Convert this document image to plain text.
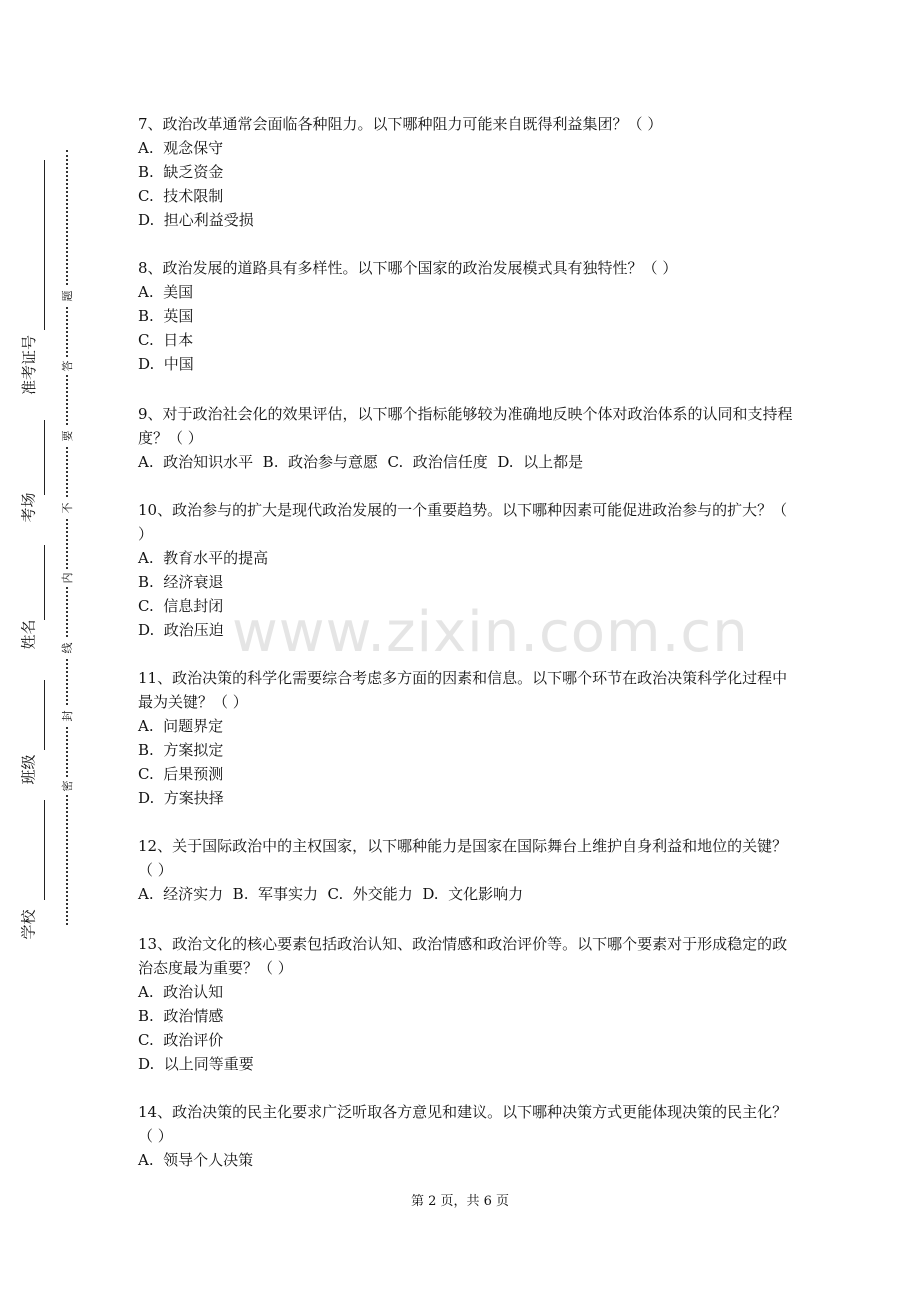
准考证号
考场
姓名
班级
学校
题
答
要
不
内
线
封
密

7、政治改革通常会面临各种阻力。以下哪种阻力可能来自既得利益集团？（ ）

A.  观念保守

B.  缺乏资金

C.  技术限制

D.  担心利益受损

8、政治发展的道路具有多样性。以下哪个国家的政治发展模式具有独特性？（ ）

A.  美国

B.  英国

C.  日本

D.  中国

9、对于政治社会化的效果评估，以下哪个指标能够较为准确地反映个体对政治体系的认同和支持程度？（ ）

A.  政治知识水平  B.  政治参与意愿  C.  政治信任度  D.  以上都是

10、政治参与的扩大是现代政治发展的一个重要趋势。以下哪种因素可能促进政治参与的扩大？（ ）

A.  教育水平的提高

B.  经济衰退

C.  信息封闭

D.  政治压迫

11、政治决策的科学化需要综合考虑多方面的因素和信息。以下哪个环节在政治决策科学化过程中最为关键？（ ）

A.  问题界定

B.  方案拟定

C.  后果预测

D.  方案抉择

12、关于国际政治中的主权国家，以下哪种能力是国家在国际舞台上维护自身利益和地位的关键？（ ）

A.  经济实力  B.  军事实力  C.  外交能力  D.  文化影响力

13、政治文化的核心要素包括政治认知、政治情感和政治评价等。以下哪个要素对于形成稳定的政治态度最为重要？（ ）

A.  政治认知

B.  政治情感

C.  政治评价

D.  以上同等重要

14、政治决策的民主化要求广泛听取各方意见和建议。以下哪种决策方式更能体现决策的民主化？（ ）

A.  领导个人决策

www.zixin.com.cn
第 2 页，共 6 页
